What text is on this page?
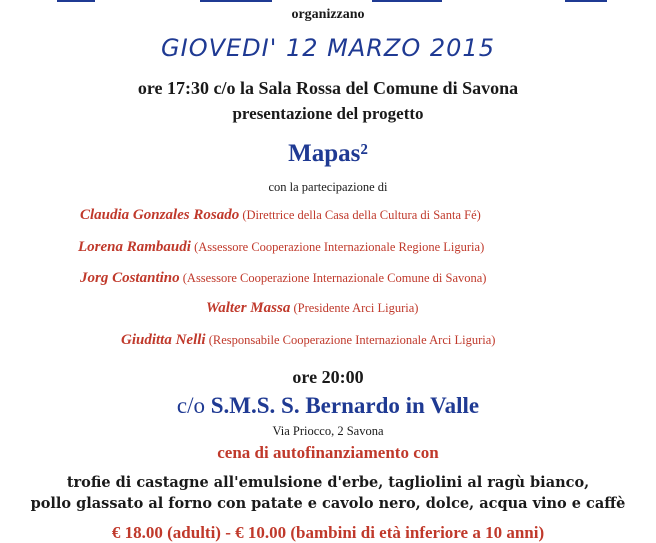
organizzano
GIOVEDI' 12 MARZO 2015
ore 17:30 c/o la Sala Rossa del Comune di Savona
presentazione del progetto
Mapas²
con la partecipazione di
Claudia Gonzales Rosado (Direttrice della Casa della Cultura di Santa Fé)
Lorena Rambaudi (Assessore Cooperazione Internazionale Regione Liguria)
Jorg Costantino (Assessore Cooperazione Internazionale Comune di Savona)
Walter Massa (Presidente Arci Liguria)
Giuditta Nelli (Responsabile Cooperazione Internazionale Arci Liguria)
ore 20:00
c/o S.M.S. S. Bernardo in Valle
Via Priocco, 2 Savona
cena di autofinanziamento con
trofie di castagne all'emulsione d'erbe, tagliolini al ragù bianco,
pollo glassato al forno con patate e cavolo nero, dolce, acqua vino e caffè
€ 18.00 (adulti) - € 10.00 (bambini di età inferiore a 10 anni)
